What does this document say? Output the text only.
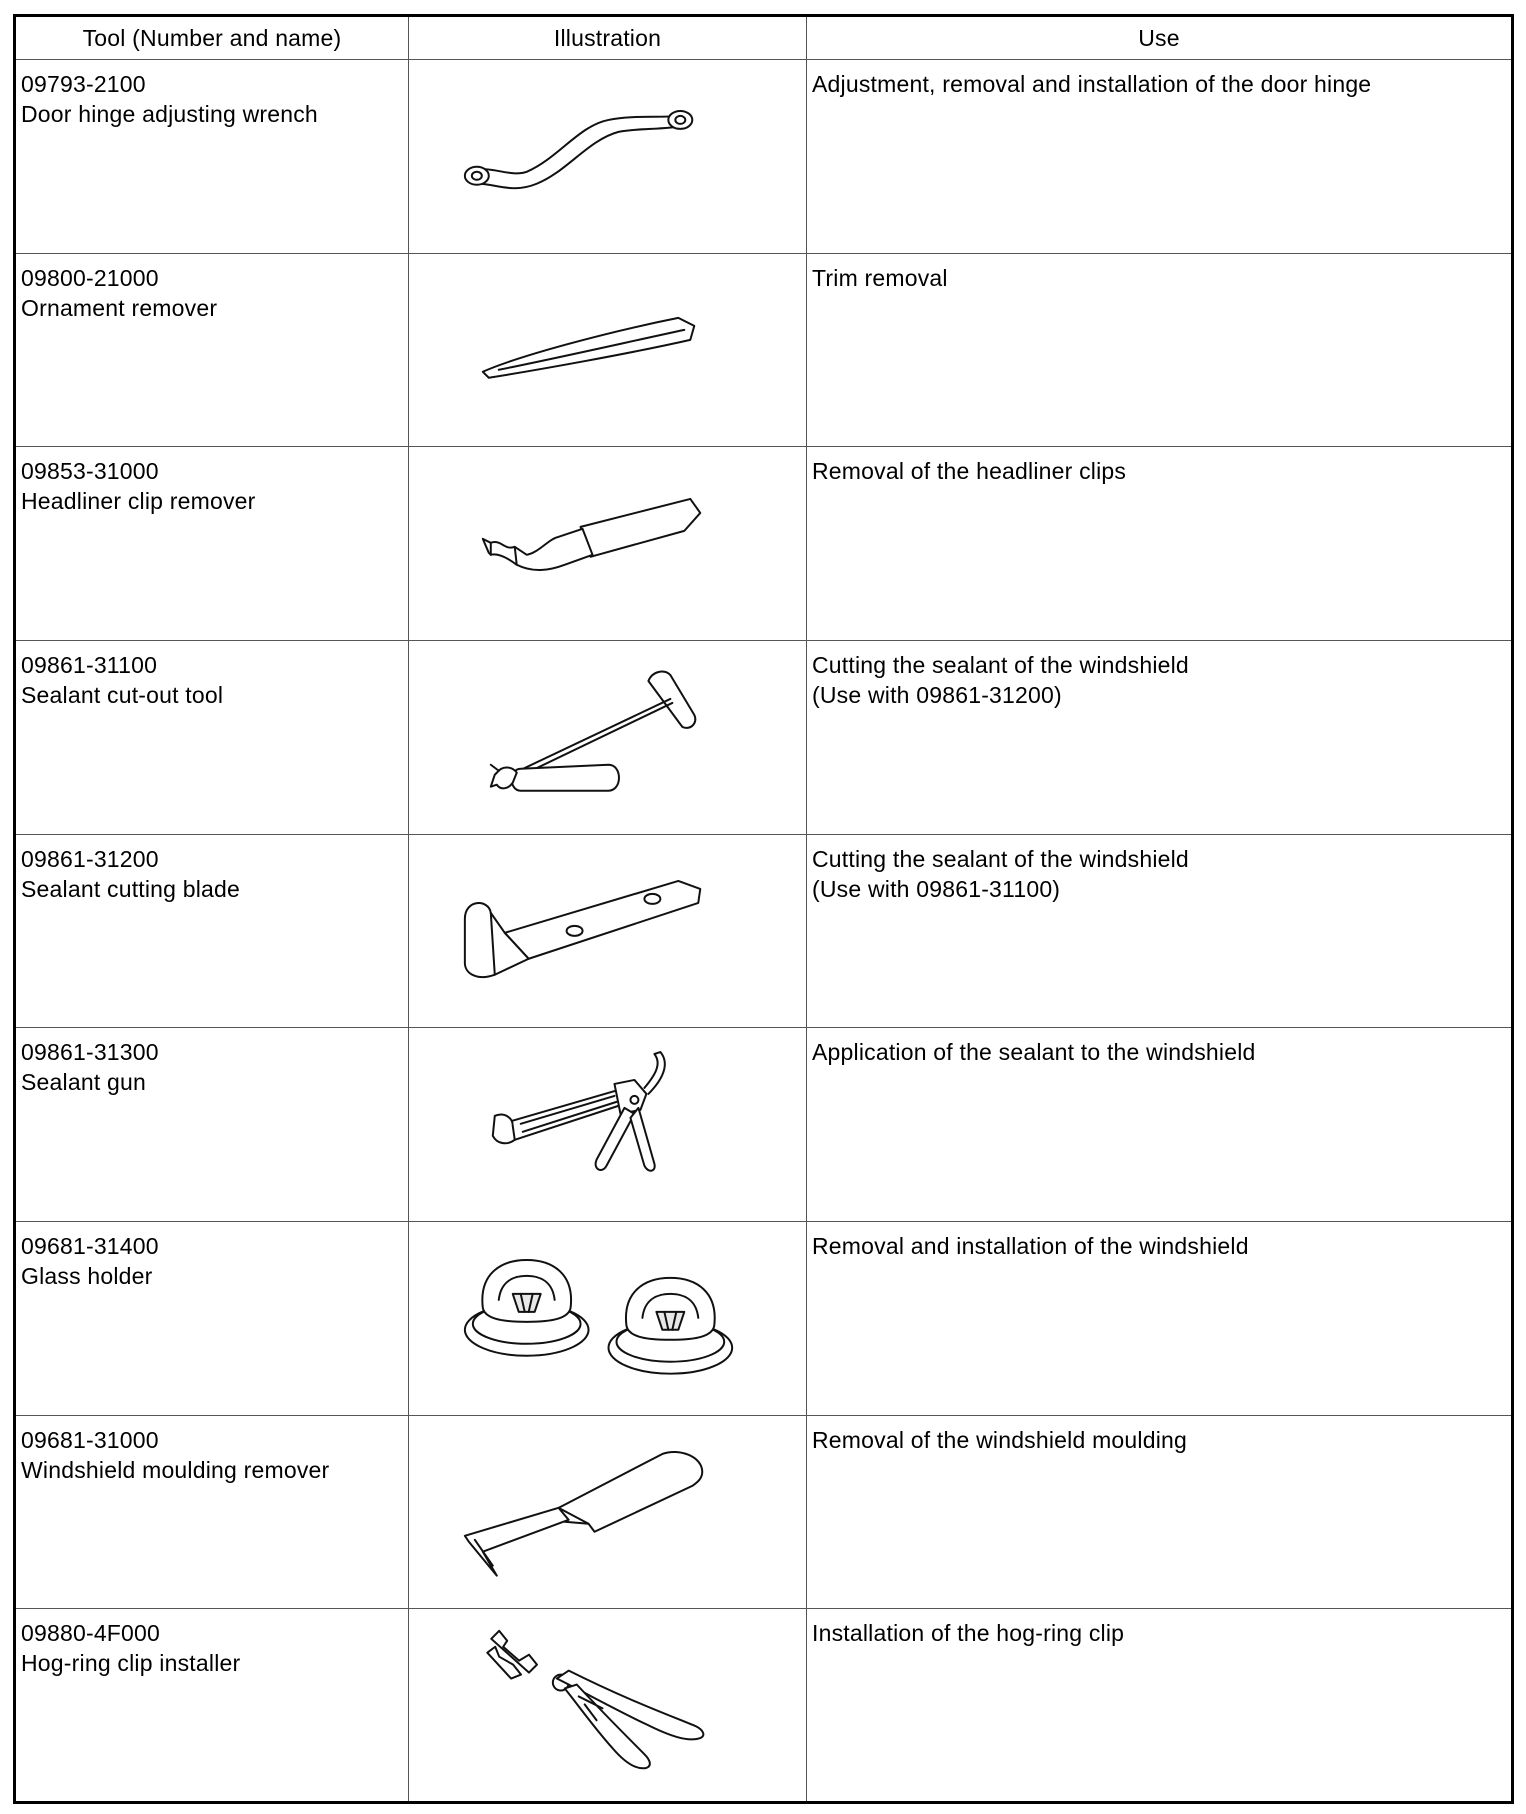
Tool (Number and name)	Illustration	Use

09793-2100
Door hinge adjusting wrench		Adjustment, removal and installation of the door hinge

09800-21000
Ornament remover		Trim removal

09853-31000
Headliner clip remover		Removal of the headliner clips

09861-31100
Sealant cut-out tool		Cutting the sealant of the windshield
(Use with 09861-31200)

09861-31200
Sealant cutting blade		Cutting the sealant of the windshield
(Use with 09861-31100)

09861-31300
Sealant gun		Application of the sealant to the windshield

09681-31400
Glass holder		Removal and installation of the windshield

09681-31000
Windshield moulding remover		Removal of the windshield moulding

09880-4F000
Hog-ring clip installer		Installation of the hog-ring clip
